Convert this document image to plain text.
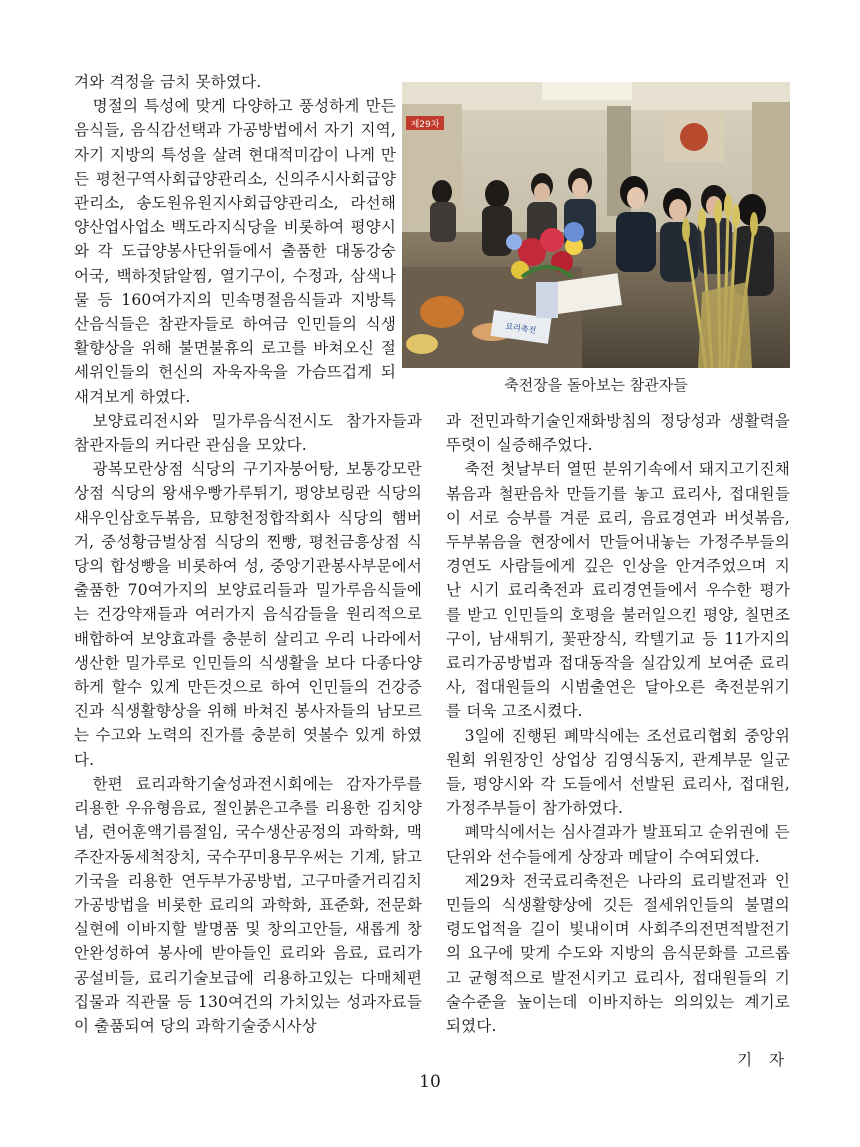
겨와 격정을 금치 못하였다.

명절의 특성에 맞게 다양하고 풍성하게 만든 음식들, 음식감선택과 가공방법에서 자기 지역, 자기 지방의 특성을 살려 현대적미감이 나게 만든 평천구역사회급양관리소, 신의주시사회급양관리소, 송도원유원지사회급양관리소, 라선해양산업사업소 백도라지식당을 비롯하여 평양시와 각 도급양봉사단위들에서 출품한 대동강숭어국, 백하젓닭알찜, 열기구이, 수정과, 삼색나물 등 160여가지의 민속명절음식들과 지방특산음식들은 참관자들로 하여금 인민들의 식생활향상을 위해 불면불휴의 로고를 바쳐오신 절세위인들의 헌신의 자욱자욱을 가슴뜨겁게 되새겨보게 하였다.

보양료리전시와 밀가루음식전시도 참가자들과 참관자들의 커다란 관심을 모았다.

광복모란상점 식당의 구기자붕어탕, 보통강모란상점 식당의 왕새우빵가루튀기, 평양보링관 식당의 새우인삼호두볶음, 묘향천정합작회사 식당의 햄버거, 중성황금벌상점 식당의 찐빵, 평천금흥상점 식당의 합성빵을 비롯하여 성, 중앙기관봉사부문에서 출품한 70여가지의 보양료리들과 밀가루음식들에는 건강약재들과 여러가지 음식감들을 원리적으로 배합하여 보양효과를 충분히 살리고 우리 나라에서 생산한 밀가루로 인민들의 식생활을 보다 다종다양하게 할수 있게 만든것으로 하여 인민들의 건강증진과 식생활향상을 위해 바쳐진 봉사자들의 남모르는 수고와 노력의 진가를 충분히 엿볼수 있게 하였다.

한편 료리과학기술성과전시회에는 감자가루를 리용한 우유형음료, 절인붉은고추를 리용한 김치양념, 련어훈액기름절임, 국수생산공정의 과학화, 맥주잔자동세척장치, 국수꾸미용무우써는 기계, 닭고기국을 리용한 연두부가공방법, 고구마줄거리김치가공방법을 비롯한 료리의 과학화, 표준화, 전문화실현에 이바지할 발명품 및 창의고안들, 새롭게 창안완성하여 봉사에 받아들인 료리와 음료, 료리가공설비들, 료리기술보급에 리용하고있는 다매체편집물과 직관물 등 130여건의 가치있는 성과자료들이 출품되여 당의 과학기술중시사상

제29차
료리축전
축전장을 돌아보는 참관자들

과 전민과학기술인재화방침의 정당성과 생활력을 뚜렷이 실증해주었다.

축전 첫날부터 열띤 분위기속에서 돼지고기진채볶음과 철판음차 만들기를 놓고 료리사, 접대원들이 서로 승부를 겨룬 료리, 음료경연과 버섯볶음, 두부볶음을 현장에서 만들어내놓는 가정주부들의 경연도 사람들에게 깊은 인상을 안겨주었으며 지난 시기 료리축전과 료리경연들에서 우수한 평가를 받고 인민들의 호평을 불러일으킨 평양, 칠면조구이, 남새튀기, 꽃판장식, 칵텔기교 등 11가지의 료리가공방법과 접대동작을 실감있게 보여준 료리사, 접대원들의 시범출연은 달아오른 축전분위기를 더욱 고조시켰다.

3일에 진행된 폐막식에는 조선료리협회 중앙위원회 위원장인 상업상 김영식동지, 관계부문 일군들, 평양시와 각 도들에서 선발된 료리사, 접대원, 가정주부들이 참가하였다.

폐막식에서는 심사결과가 발표되고 순위권에 든 단위와 선수들에게 상장과 메달이 수여되였다.

제29차 전국료리축전은 나라의 료리발전과 인민들의 식생활향상에 깃든 절세위인들의 불멸의 령도업적을 길이 빛내이며 사회주의전면적발전기의 요구에 맞게 수도와 지방의 음식문화를 고르롭고 균형적으로 발전시키고 료리사, 접대원들의 기술수준을 높이는데 이바지하는 의의있는 계기로 되였다.

기 자
10
